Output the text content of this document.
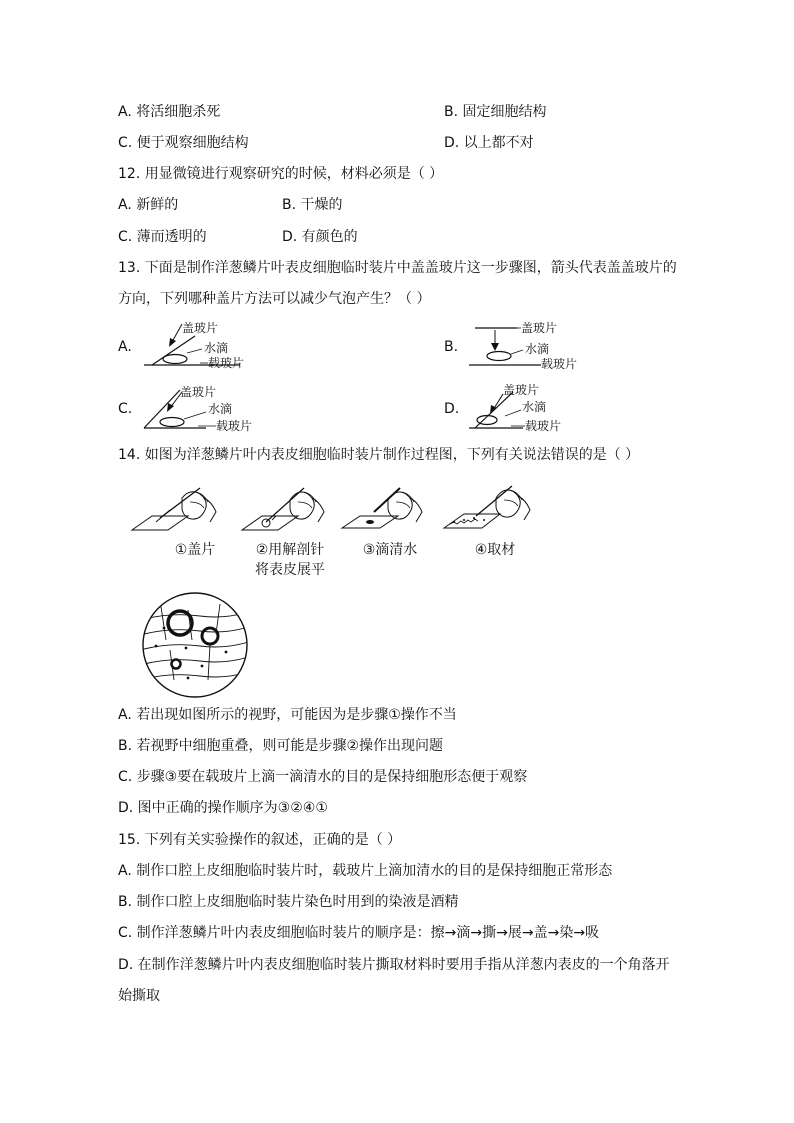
A. 将活细胞杀死	B. 固定细胞结构
C. 便于观察细胞结构	D. 以上都不对
12. 用显微镜进行观察研究的时候，材料必须是（ ）
A. 新鲜的	B. 干燥的
C. 薄而透明的	D. 有颜色的
13. 下面是制作洋葱鳞片叶表皮细胞临时装片中盖盖玻片这一步骤图，箭头代表盖盖玻片的
方向，下列哪种盖片方法可以减少气泡产生？（ ）
A.	B.
C.	D.
盖玻片
水滴
载玻片
盖玻片
水滴
载玻片
盖玻片
水滴
载玻片
盖玻片
水滴
载玻片
14. 如图为洋葱鳞片叶内表皮细胞临时装片制作过程图，下列有关说法错误的是（ ）
①盖片	②用解剖针
将表皮展平
③滴清水	④取材
A. 若出现如图所示的视野，可能因为是步骤①操作不当
B. 若视野中细胞重叠，则可能是步骤②操作出现问题
C. 步骤③要在载玻片上滴一滴清水的目的是保持细胞形态便于观察
D. 图中正确的操作顺序为③②④①
15. 下列有关实验操作的叙述，正确的是（ ）
A. 制作口腔上皮细胞临时装片时，载玻片上滴加清水的目的是保持细胞正常形态
B. 制作口腔上皮细胞临时装片染色时用到的染液是酒精
C. 制作洋葱鳞片叶内表皮细胞临时装片的顺序是：擦→滴→撕→展→盖→染→吸
D. 在制作洋葱鳞片叶内表皮细胞临时装片撕取材料时要用手指从洋葱内表皮的一个角落开
始撕取
